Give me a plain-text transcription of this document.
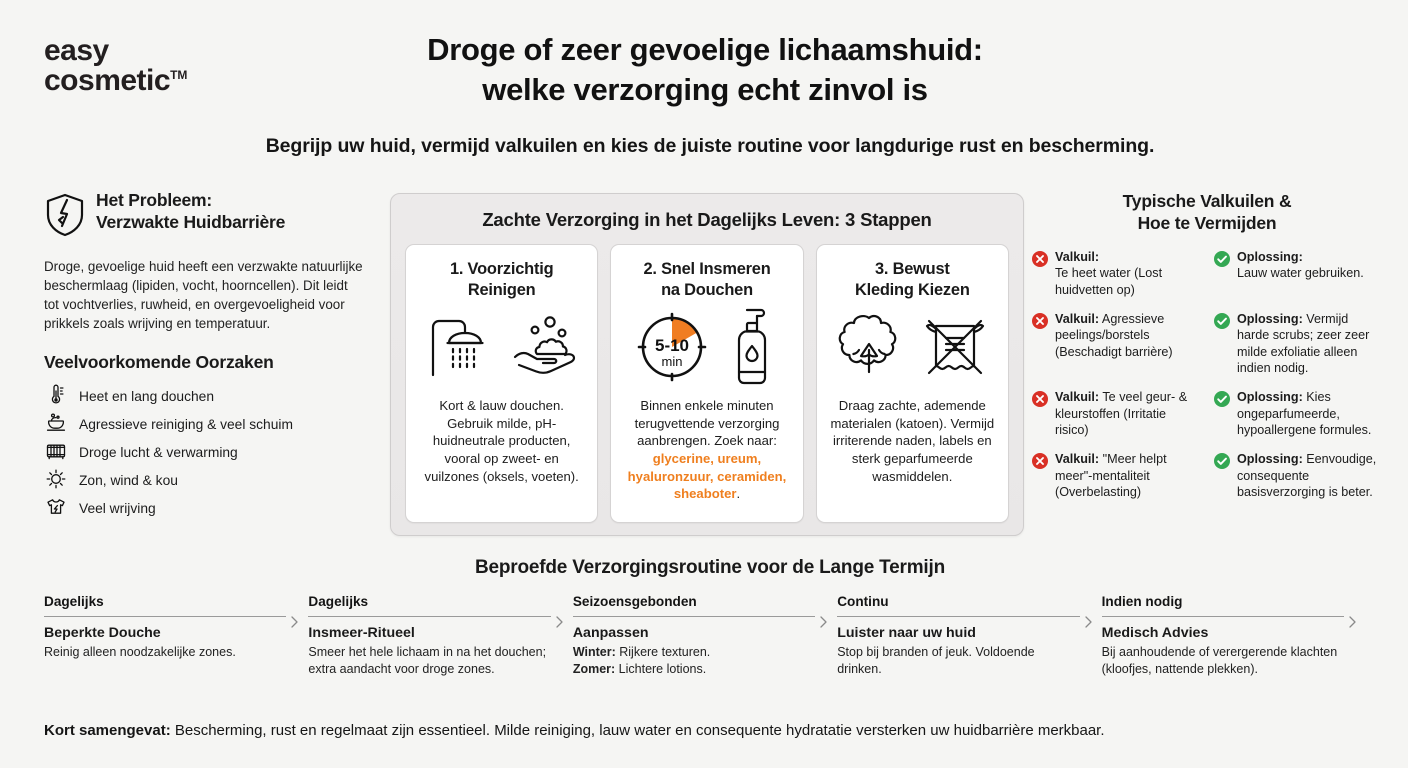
easy
cosmetic™
Droge of zeer gevoelige lichaamshuid:
welke verzorging echt zinvol is
Begrijp uw huid, vermijd valkuilen en kies de juiste routine voor langdurige rust en bescherming.
Het Probleem:
Verzwakte Huidbarrière

Droge, gevoelige huid heeft een verzwakte natuurlijke beschermlaag (lipiden, vocht, hoorncellen). Dit leidt tot vochtverlies, ruwheid, en overgevoeligheid voor prikkels zoals wrijving en temperatuur.

Veelvoorkomende Oorzaken
Heet en lang douchen
Agressieve reiniging & veel schuim
Droge lucht & verwarming
Zon, wind & kou
Veel wrijving
Zachte Verzorging in het Dagelijks Leven: 3 Stappen
1. Voorzichtig
Reinigen

Kort & lauw douchen. Gebruik milde, pH-huidneutrale producten, vooral op zweet- en vuilzones (oksels, voeten).

2. Snel Insmeren
na Douchen
5-10
min

Binnen enkele minuten terugvettende verzorging aanbrengen. Zoek naar: glycerine, ureum, hyaluronzuur, ceramiden, sheaboter.

3. Bewust
Kleding Kiezen

Draag zachte, ademende materialen (katoen). Vermijd irriterende naden, labels en sterk geparfumeerde wasmiddelen.

Typische Valkuilen &
Hoe te Vermijden
Valkuil:
Te heet water (Lost huidvetten op)
Oplossing:
Lauw water gebruiken.
Valkuil: Agressieve peelings/borstels (Beschadigt barrière)
Oplossing: Vermijd harde scrubs; zeer zeer milde exfoliatie alleen indien nodig.
Valkuil: Te veel geur- & kleurstoffen (Irritatie risico)
Oplossing: Kies ongeparfumeerde, hypoallergene formules.
Valkuil: "Meer helpt meer"-mentaliteit (Overbelasting)
Oplossing: Eenvoudige, consequente basisverzorging is beter.
Beproefde Verzorgingsroutine voor de Lange Termijn
Dagelijks
Beperkte Douche
Reinig alleen noodzakelijke zones.
Dagelijks
Insmeer-Ritueel
Smeer het hele lichaam in na het douchen; extra aandacht voor droge zones.
Seizoensgebonden
Aanpassen
Winter: Rijkere texturen.
Zomer: Lichtere lotions.
Continu
Luister naar uw huid
Stop bij branden of jeuk. Voldoende drinken.
Indien nodig
Medisch Advies
Bij aanhoudende of verergerende klachten (kloofjes, nattende plekken).
Kort samengevat: Bescherming, rust en regelmaat zijn essentieel. Milde reiniging, lauw water en consequente hydratatie versterken uw huidbarrière merkbaar.
